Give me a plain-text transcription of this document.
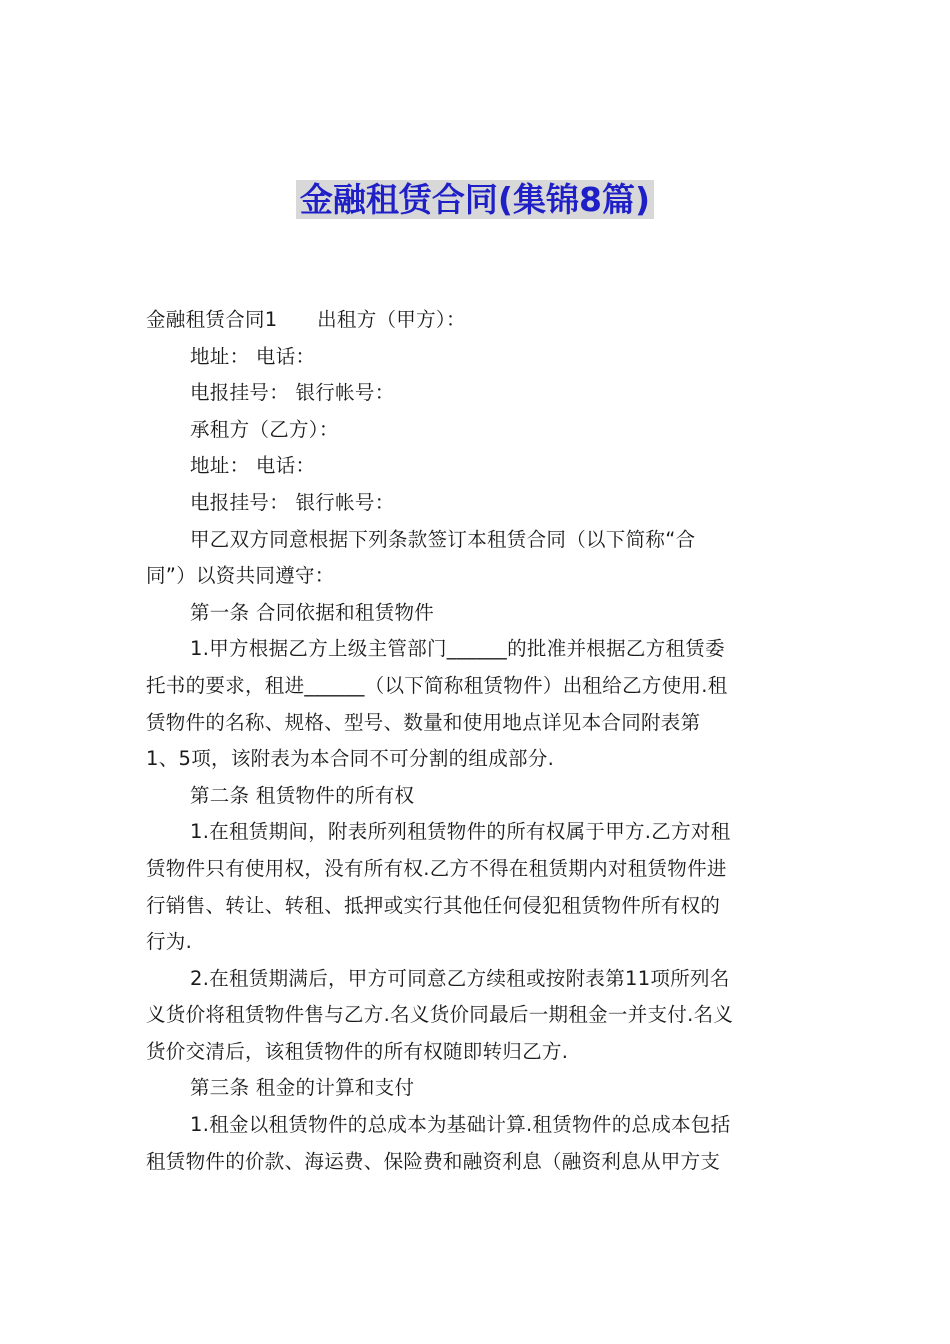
金融租赁合同(集锦8篇)
金融租赁合同1　　出租方（甲方）：
地址： 电话：
电报挂号： 银行帐号：
承租方（乙方）：
地址： 电话：
电报挂号： 银行帐号：
甲乙双方同意根据下列条款签订本租赁合同（以下简称“合
同”）以资共同遵守：
第一条 合同依据和租赁物件
1.甲方根据乙方上级主管部门______的批准并根据乙方租赁委
托书的要求，租进______（以下简称租赁物件）出租给乙方使用.租
赁物件的名称、规格、型号、数量和使用地点详见本合同附表第
1、5项，该附表为本合同不可分割的组成部分.
第二条 租赁物件的所有权
1.在租赁期间，附表所列租赁物件的所有权属于甲方.乙方对租
赁物件只有使用权，没有所有权.乙方不得在租赁期内对租赁物件进
行销售、转让、转租、抵押或实行其他任何侵犯租赁物件所有权的
行为.
2.在租赁期满后，甲方可同意乙方续租或按附表第11项所列名
义货价将租赁物件售与乙方.名义货价同最后一期租金一并支付.名义
货价交清后，该租赁物件的所有权随即转归乙方.
第三条 租金的计算和支付
1.租金以租赁物件的总成本为基础计算.租赁物件的总成本包括
租赁物件的价款、海运费、保险费和融资利息（融资利息从甲方支
